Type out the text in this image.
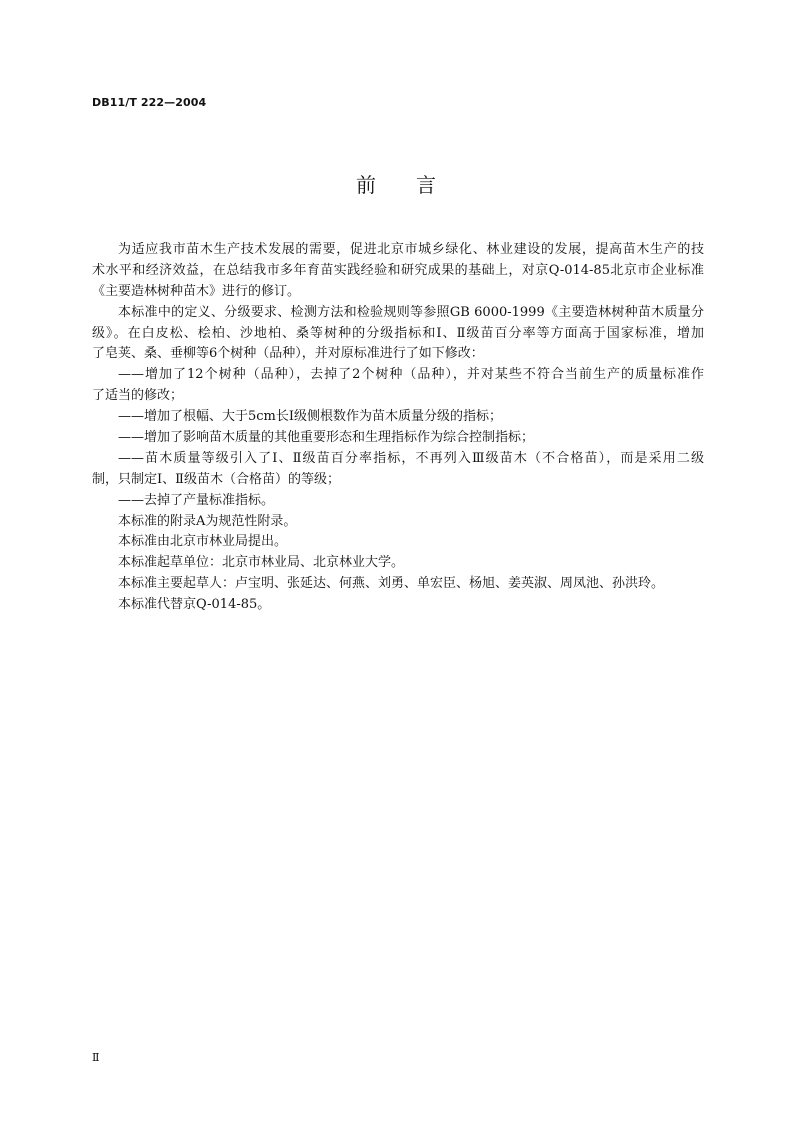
DB11/T 222—2004
前　　言

为适应我市苗木生产技术发展的需要，促进北京市城乡绿化、林业建设的发展，提高苗木生产的技
术水平和经济效益，在总结我市多年育苗实践经验和研究成果的基础上，对京Q-014-85北京市企业标准
《主要造林树种苗木》进行的修订。

本标准中的定义、分级要求、检测方法和检验规则等参照GB 6000-1999《主要造林树种苗木质量分
级》。在白皮松、桧柏、沙地柏、桑等树种的分级指标和Ⅰ、Ⅱ级苗百分率等方面高于国家标准，增加
了皂荚、桑、垂柳等6个树种（品种），并对原标准进行了如下修改：

——增加了12个树种（品种），去掉了2个树种（品种），并对某些不符合当前生产的质量标准作
了适当的修改；

——增加了根幅、大于5cm长Ⅰ级侧根数作为苗木质量分级的指标；

——增加了影响苗木质量的其他重要形态和生理指标作为综合控制指标；

——苗木质量等级引入了Ⅰ、Ⅱ级苗百分率指标，不再列入Ⅲ级苗木（不合格苗），而是采用二级
制，只制定Ⅰ、Ⅱ级苗木（合格苗）的等级；

——去掉了产量标准指标。

本标准的附录A为规范性附录。

本标准由北京市林业局提出。

本标准起草单位：北京市林业局、北京林业大学。

本标准主要起草人：卢宝明、张延达、何燕、刘勇、单宏臣、杨旭、姜英淑、周凤池、孙洪玲。

本标准代替京Q-014-85。

Ⅱ
